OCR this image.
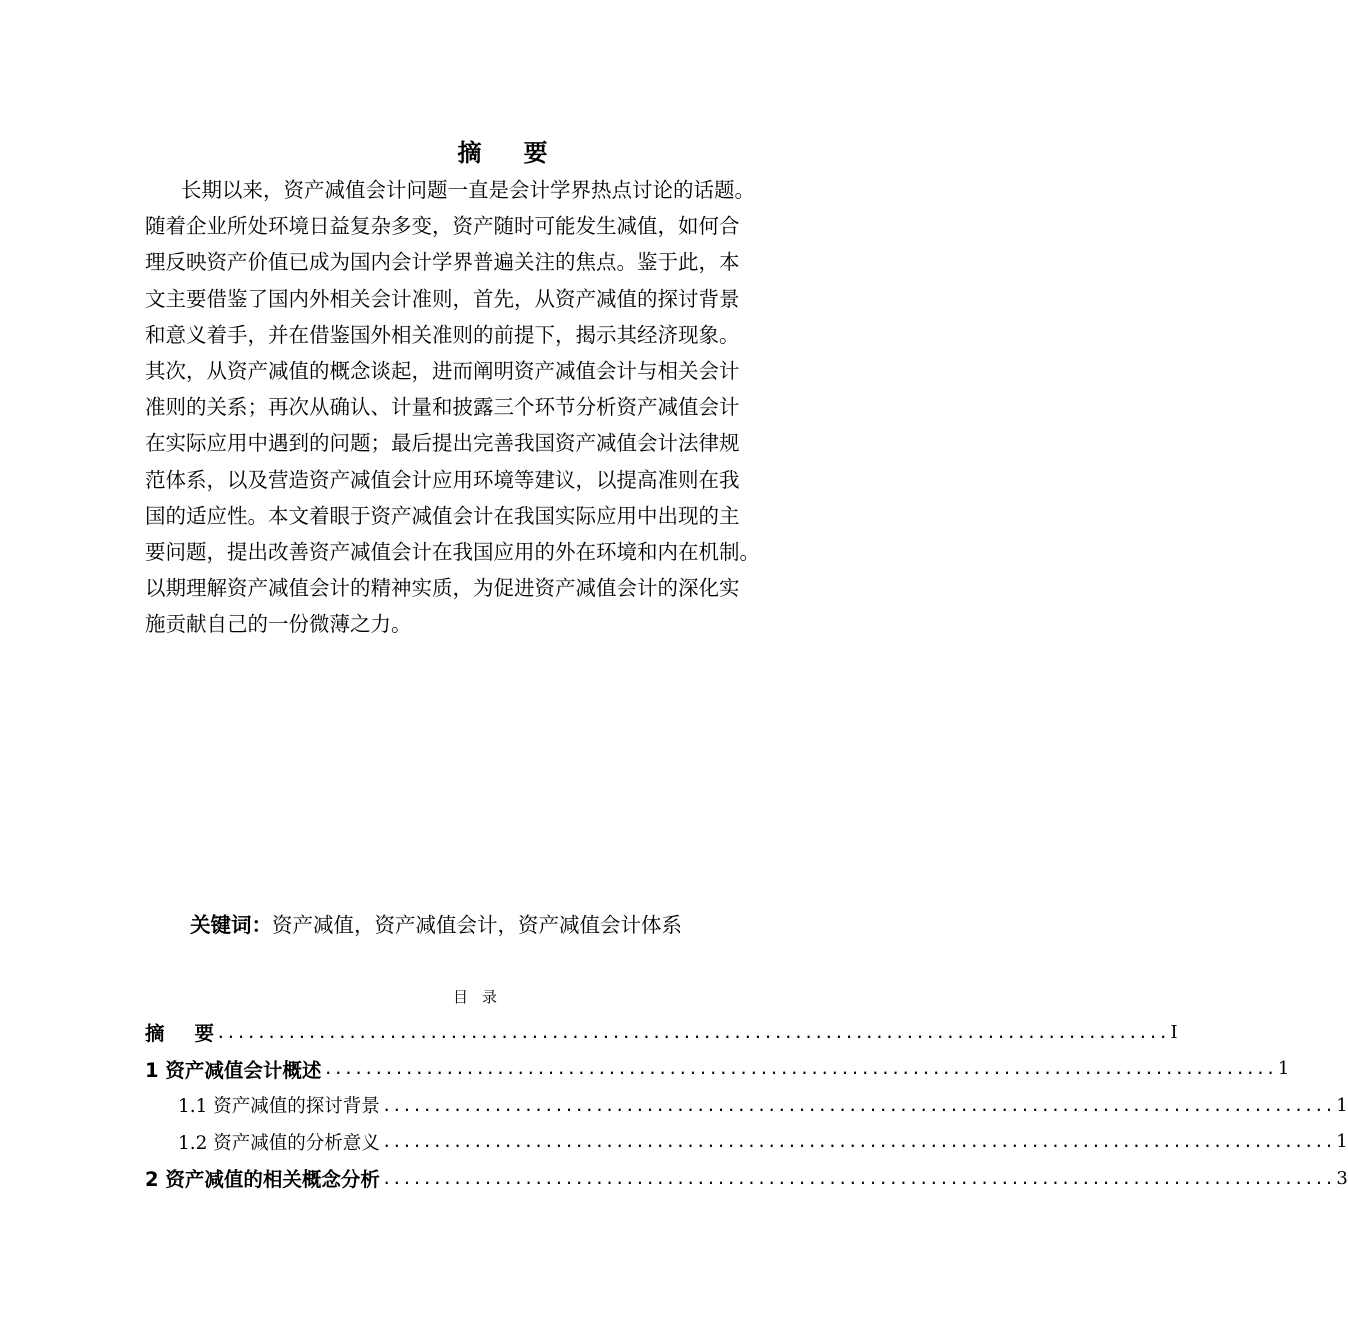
摘 要
长期以来，资产减值会计问题一直是会计学界热点讨论的话题。
随着企业所处环境日益复杂多变，资产随时可能发生减值，如何合
理反映资产价值已成为国内会计学界普遍关注的焦点。鉴于此，本
文主要借鉴了国内外相关会计准则，首先，从资产减值的探讨背景
和意义着手，并在借鉴国外相关准则的前提下，揭示其经济现象。
其次，从资产减值的概念谈起，进而阐明资产减值会计与相关会计
准则的关系；再次从确认、计量和披露三个环节分析资产减值会计
在实际应用中遇到的问题；最后提出完善我国资产减值会计法律规
范体系，以及营造资产减值会计应用环境等建议，以提高准则在我
国的适应性。本文着眼于资产减值会计在我国实际应用中出现的主
要问题，提出改善资产减值会计在我国应用的外在环境和内在机制。
以期理解资产减值会计的精神实质，为促进资产减值会计的深化实
施贡献自己的一份微薄之力。
关键词：资产减值，资产减值会计，资产减值会计体系
目 录
摘 要 .............................................................................................. I
1 资产减值会计概述 .............................................................................................. 1
1.1 资产减值的探讨背景 .............................................................................................. 1
1.2 资产减值的分析意义 .............................................................................................. 1
2 资产减值的相关概念分析 .............................................................................................. 3
